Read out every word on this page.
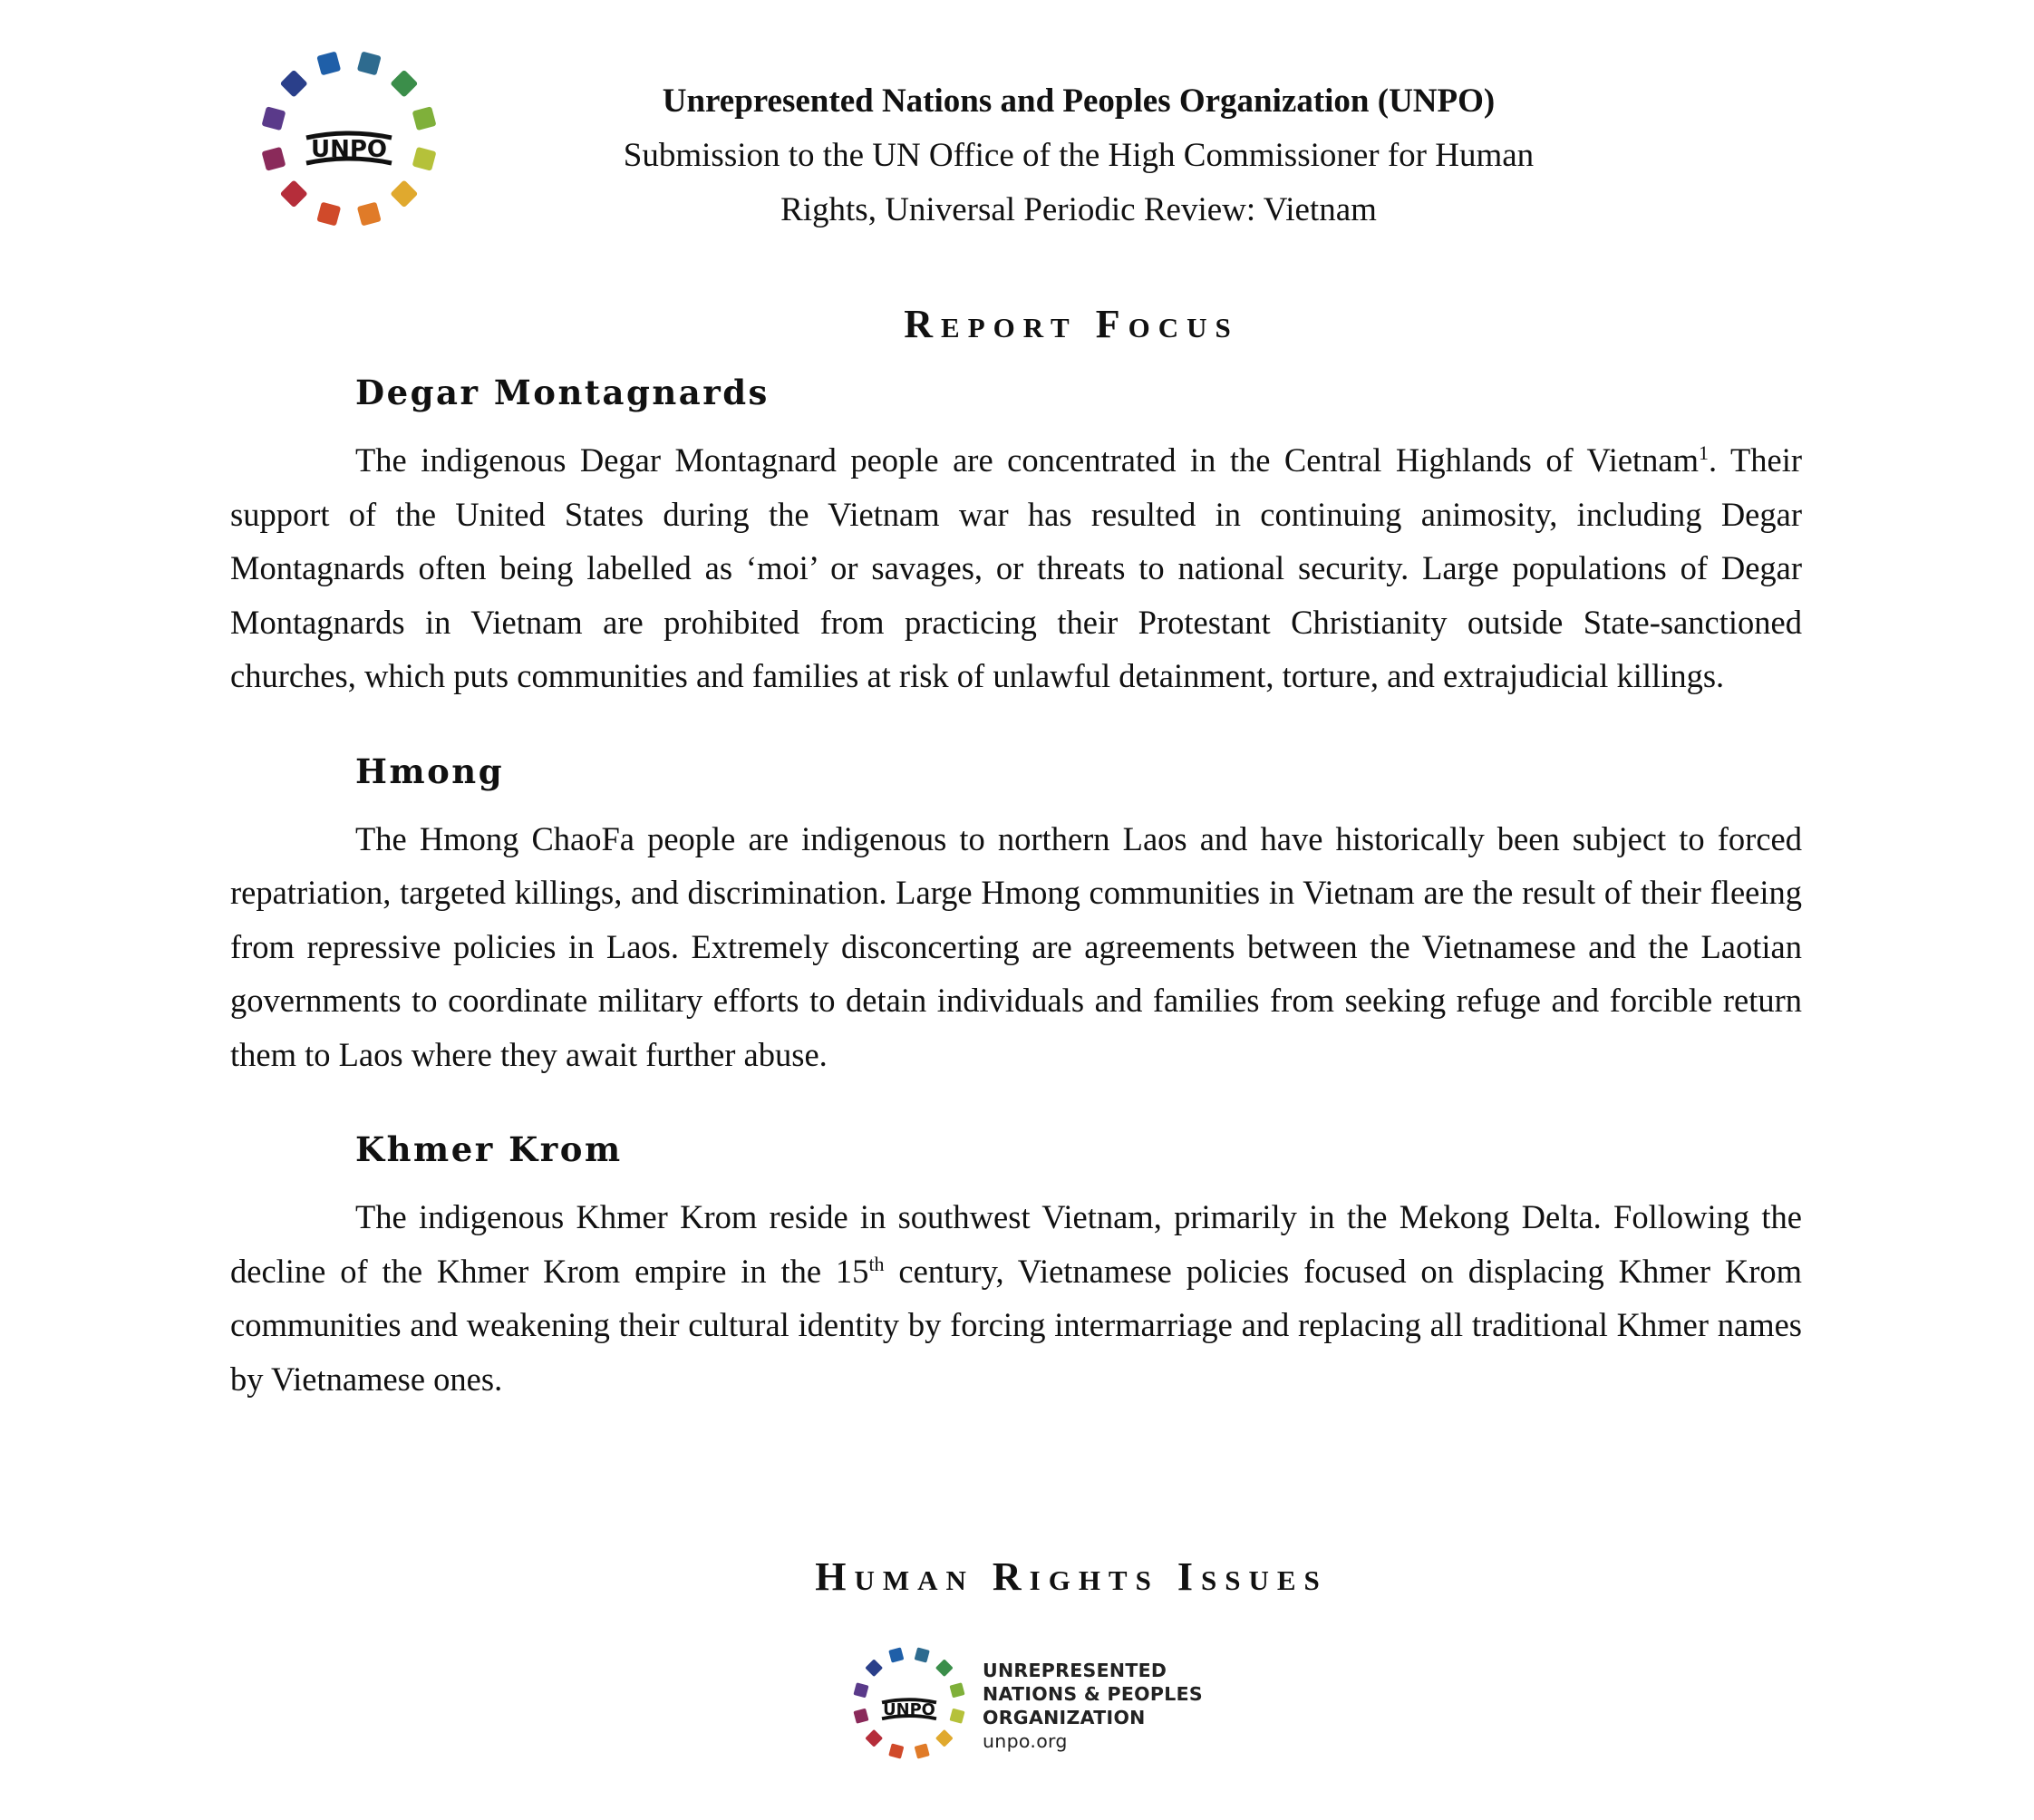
UNPO
Unrepresented Nations and Peoples Organization (UNPO)
Submission to the UN Office of the High Commissioner for Human
Rights, Universal Periodic Review: Vietnam
Report Focus
Degar Montagnards

The indigenous Degar Montagnard people are concentrated in the Central Highlands of Vietnam$^1$. Their support of the United States during the Vietnam war has resulted in continuing animosity, including Degar Montagnards often being labelled as ‘moi’ or savages, or threats to national security. Large populations of Degar Montagnards in Vietnam are prohibited from practicing their Protestant Christianity outside State-sanctioned churches, which puts communities and families at risk of unlawful detainment, torture, and extrajudicial killings.

Hmong

The Hmong ChaoFa people are indigenous to northern Laos and have historically been subject to forced repatriation, targeted killings, and discrimination. Large Hmong communities in Vietnam are the result of their fleeing from repressive policies in Laos. Extremely disconcerting are agreements between the Vietnamese and the Laotian governments to coordinate military efforts to detain individuals and families from seeking refuge and forcible return them to Laos where they await further abuse.

Khmer Krom

The indigenous Khmer Krom reside in southwest Vietnam, primarily in the Mekong Delta. Following the decline of the Khmer Krom empire in the 15th century, Vietnamese policies focused on displacing Khmer Krom communities and weakening their cultural identity by forcing intermarriage and replacing all traditional Khmer names by Vietnamese ones.

Human Rights Issues
UNPO
UNREPRESENTED
NATIONS & PEOPLES
ORGANIZATION
unpo.org
